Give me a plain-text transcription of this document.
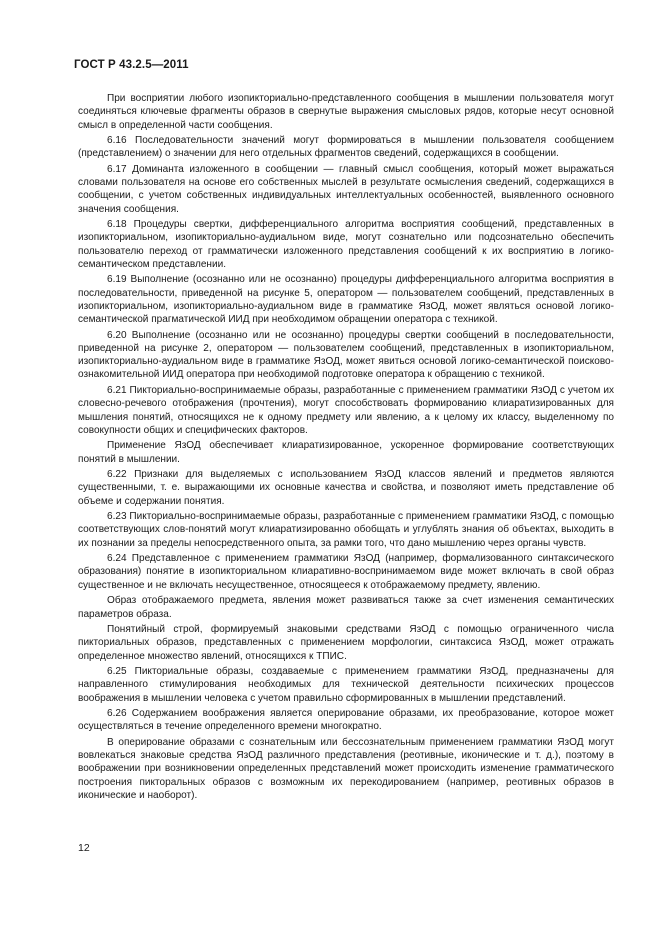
ГОСТ Р 43.2.5—2011

При восприятии любого изопикториально-представленного сообщения в мышлении пользователя могут соединяться ключевые фрагменты образов в свернутые выражения смысловых рядов, которые несут основной смысл в определенной части сообщения.

6.16 Последовательности значений могут формироваться в мышлении пользователя сообщением (представлением) о значении для него отдельных фрагментов сведений, содержащихся в сообщении.

6.17 Доминанта изложенного в сообщении — главный смысл сообщения, который может выражаться словами пользователя на основе его собственных мыслей в результате осмысления сведений, содержащихся в сообщении, с учетом собственных индивидуальных интеллектуальных особенностей, выявленного основного значения сообщения.

6.18 Процедуры свертки, дифференциального алгоритма восприятия сообщений, представленных в изопикториальном, изопикториально-аудиальном виде, могут сознательно или подсознательно обеспечить пользователю переход от грамматически изложенного представления сообщений к их восприятию в логико-семантическом представлении.

6.19 Выполнение (осознанно или не осознанно) процедуры дифференциального алгоритма восприятия в последовательности, приведенной на рисунке 5, оператором — пользователем сообщений, представленных в изопикториальном, изопикториально-аудиальном виде в грамматике ЯзОД, может являться основой логико-семантической прагматической ИИД при необходимом обращении оператора с техникой.

6.20 Выполнение (осознанно или не осознанно) процедуры свертки сообщений в последовательности, приведенной на рисунке 2, оператором — пользователем сообщений, представленных в изопикториальном, изопикториально-аудиальном виде в грамматике ЯзОД, может явиться основой логико-семантической поисково-ознакомительной ИИД оператора при необходимой подготовке оператора к обращению с техникой.

6.21 Пикториально-воспринимаемые образы, разработанные с применением грамматики ЯзОД с учетом их словесно-речевого отображения (прочтения), могут способствовать формированию клиаратизированных для мышления понятий, относящихся не к одному предмету или явлению, а к целому их классу, выделенному по совокупности общих и специфических факторов.

Применение ЯзОД обеспечивает клиаратизированное, ускоренное формирование соответствующих понятий в мышлении.

6.22 Признаки для выделяемых с использованием ЯзОД классов явлений и предметов являются существенными, т. е. выражающими их основные качества и свойства, и позволяют иметь представление об объеме и содержании понятия.

6.23 Пикториально-воспринимаемые образы, разработанные с применением грамматики ЯзОД, с помощью соответствующих слов-понятий могут клиаратизированно обобщать и углублять знания об объектах, выходить в их познании за пределы непосредственного опыта, за рамки того, что дано мышлению через органы чувств.

6.24 Представленное с применением грамматики ЯзОД (например, формализованного синтаксического образования) понятие в изопикториальном клиаративно-воспринимаемом виде может включать в свой образ существенное и не включать несущественное, относящееся к отображаемому предмету, явлению.

Образ отображаемого предмета, явления может развиваться также за счет изменения семантических параметров образа.

Понятийный строй, формируемый знаковыми средствами ЯзОД с помощью ограниченного числа пикториальных образов, представленных с применением морфологии, синтаксиса ЯзОД, может отражать определенное множество явлений, относящихся к ТПИС.

6.25 Пикториальные образы, создаваемые с применением грамматики ЯзОД, предназначены для направленного стимулирования необходимых для технической деятельности психических процессов воображения в мышлении человека с учетом правильно сформированных в мышлении представлений.

6.26 Содержанием воображения является оперирование образами, их преобразование, которое может осуществляться в течение определенного времени многократно.

В оперирование образами с сознательным или бессознательным применением грамматики ЯзОД могут вовлекаться знаковые средства ЯзОД различного представления (реотивные, иконические и т. д.), поэтому в воображении при возникновении определенных представлений может происходить изменение грамматического построения пикторальных образов с возможным их перекодированием (например, реотивных образов в иконические и наоборот).

12
